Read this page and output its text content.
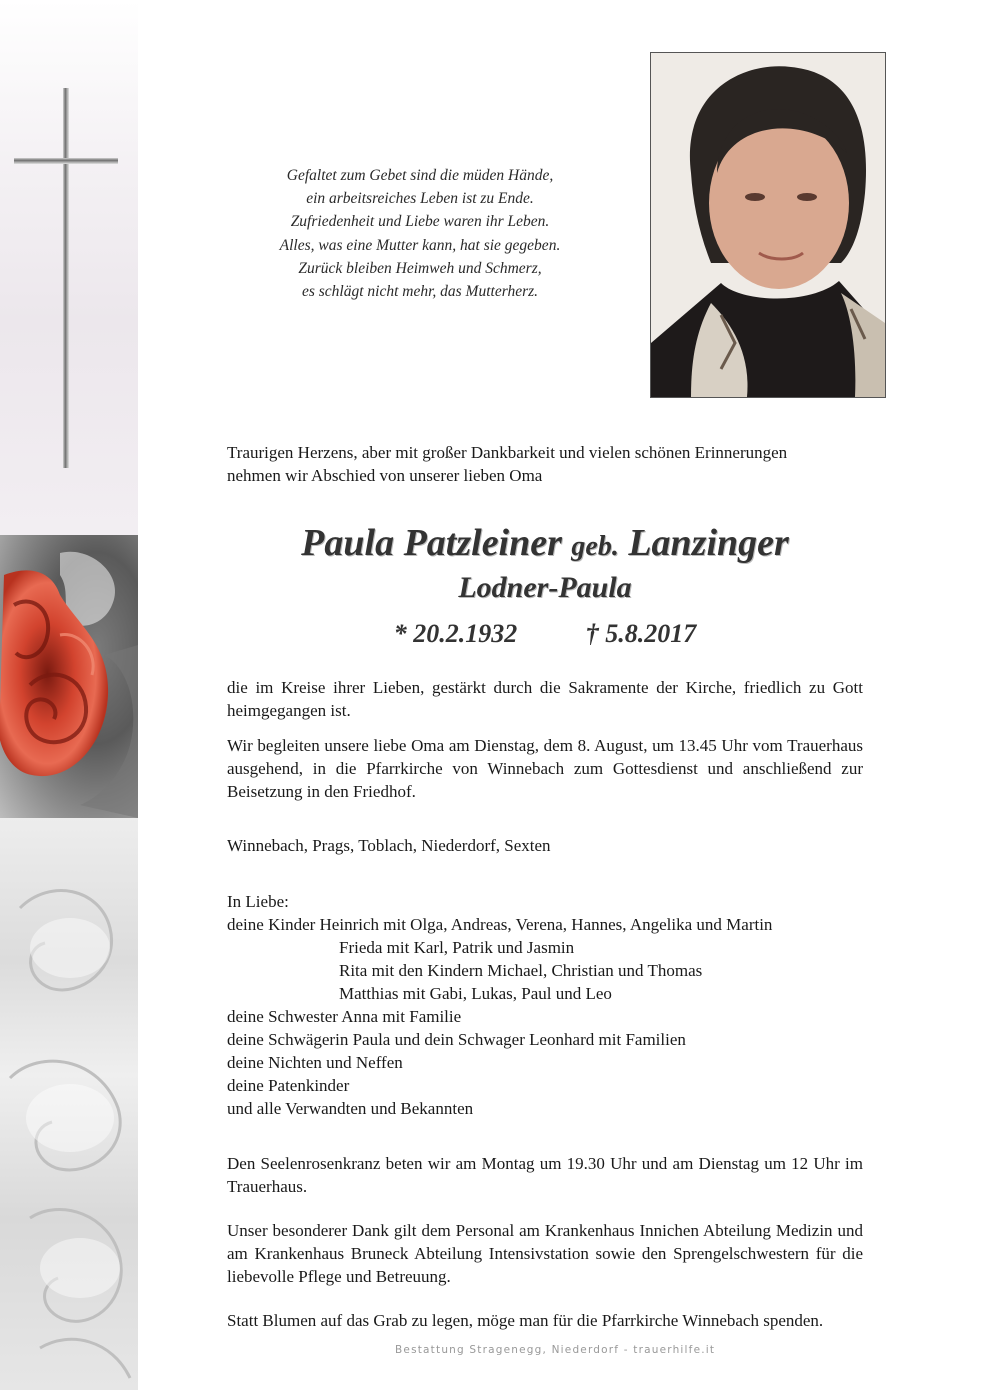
Gefaltet zum Gebet sind die müden Hände,
ein arbeitsreiches Leben ist zu Ende.
Zufriedenheit und Liebe waren ihr Leben.
Alles, was eine Mutter kann, hat sie gegeben.
Zurück bleiben Heimweh und Schmerz,
es schlägt nicht mehr, das Mutterherz.
Traurigen Herzens, aber mit großer Dankbarkeit und vielen schönen Erinnerungen
nehmen wir Abschied von unserer lieben Oma
Paula Patzleiner geb. Lanzinger
Lodner-Paula
* 20.2.1932	† 5.8.2017
die im Kreise ihrer Lieben, gestärkt durch die Sakramente der Kirche, friedlich zu Gott heimgegangen ist.
Wir begleiten unsere liebe Oma am Dienstag, dem 8. August, um 13.45 Uhr vom Trauerhaus ausgehend, in die Pfarrkirche von Winnebach zum Gottesdienst und anschließend zur Beisetzung in den Friedhof.
Winnebach, Prags, Toblach, Niederdorf, Sexten
In Liebe:
deine Kinder Heinrich mit Olga, Andreas, Verena, Hannes, Angelika und Martin
Frieda mit Karl, Patrik und Jasmin
Rita mit den Kindern Michael, Christian und Thomas
Matthias mit Gabi, Lukas, Paul und Leo
deine Schwester Anna mit Familie
deine Schwägerin Paula und dein Schwager Leonhard mit Familien
deine Nichten und Neffen
deine Patenkinder
und alle Verwandten und Bekannten
Den Seelenrosenkranz beten wir am Montag um 19.30 Uhr und am Dienstag um 12 Uhr im Trauerhaus.
Unser besonderer Dank gilt dem Personal am Krankenhaus Innichen Abteilung Medizin und am Krankenhaus Bruneck Abteilung Intensivstation sowie den Sprengelschwestern für die liebevolle Pflege und Betreuung.
Statt Blumen auf das Grab zu legen, möge man für die Pfarrkirche Winnebach spenden.
Bestattung Stragenegg, Niederdorf - trauerhilfe.it
